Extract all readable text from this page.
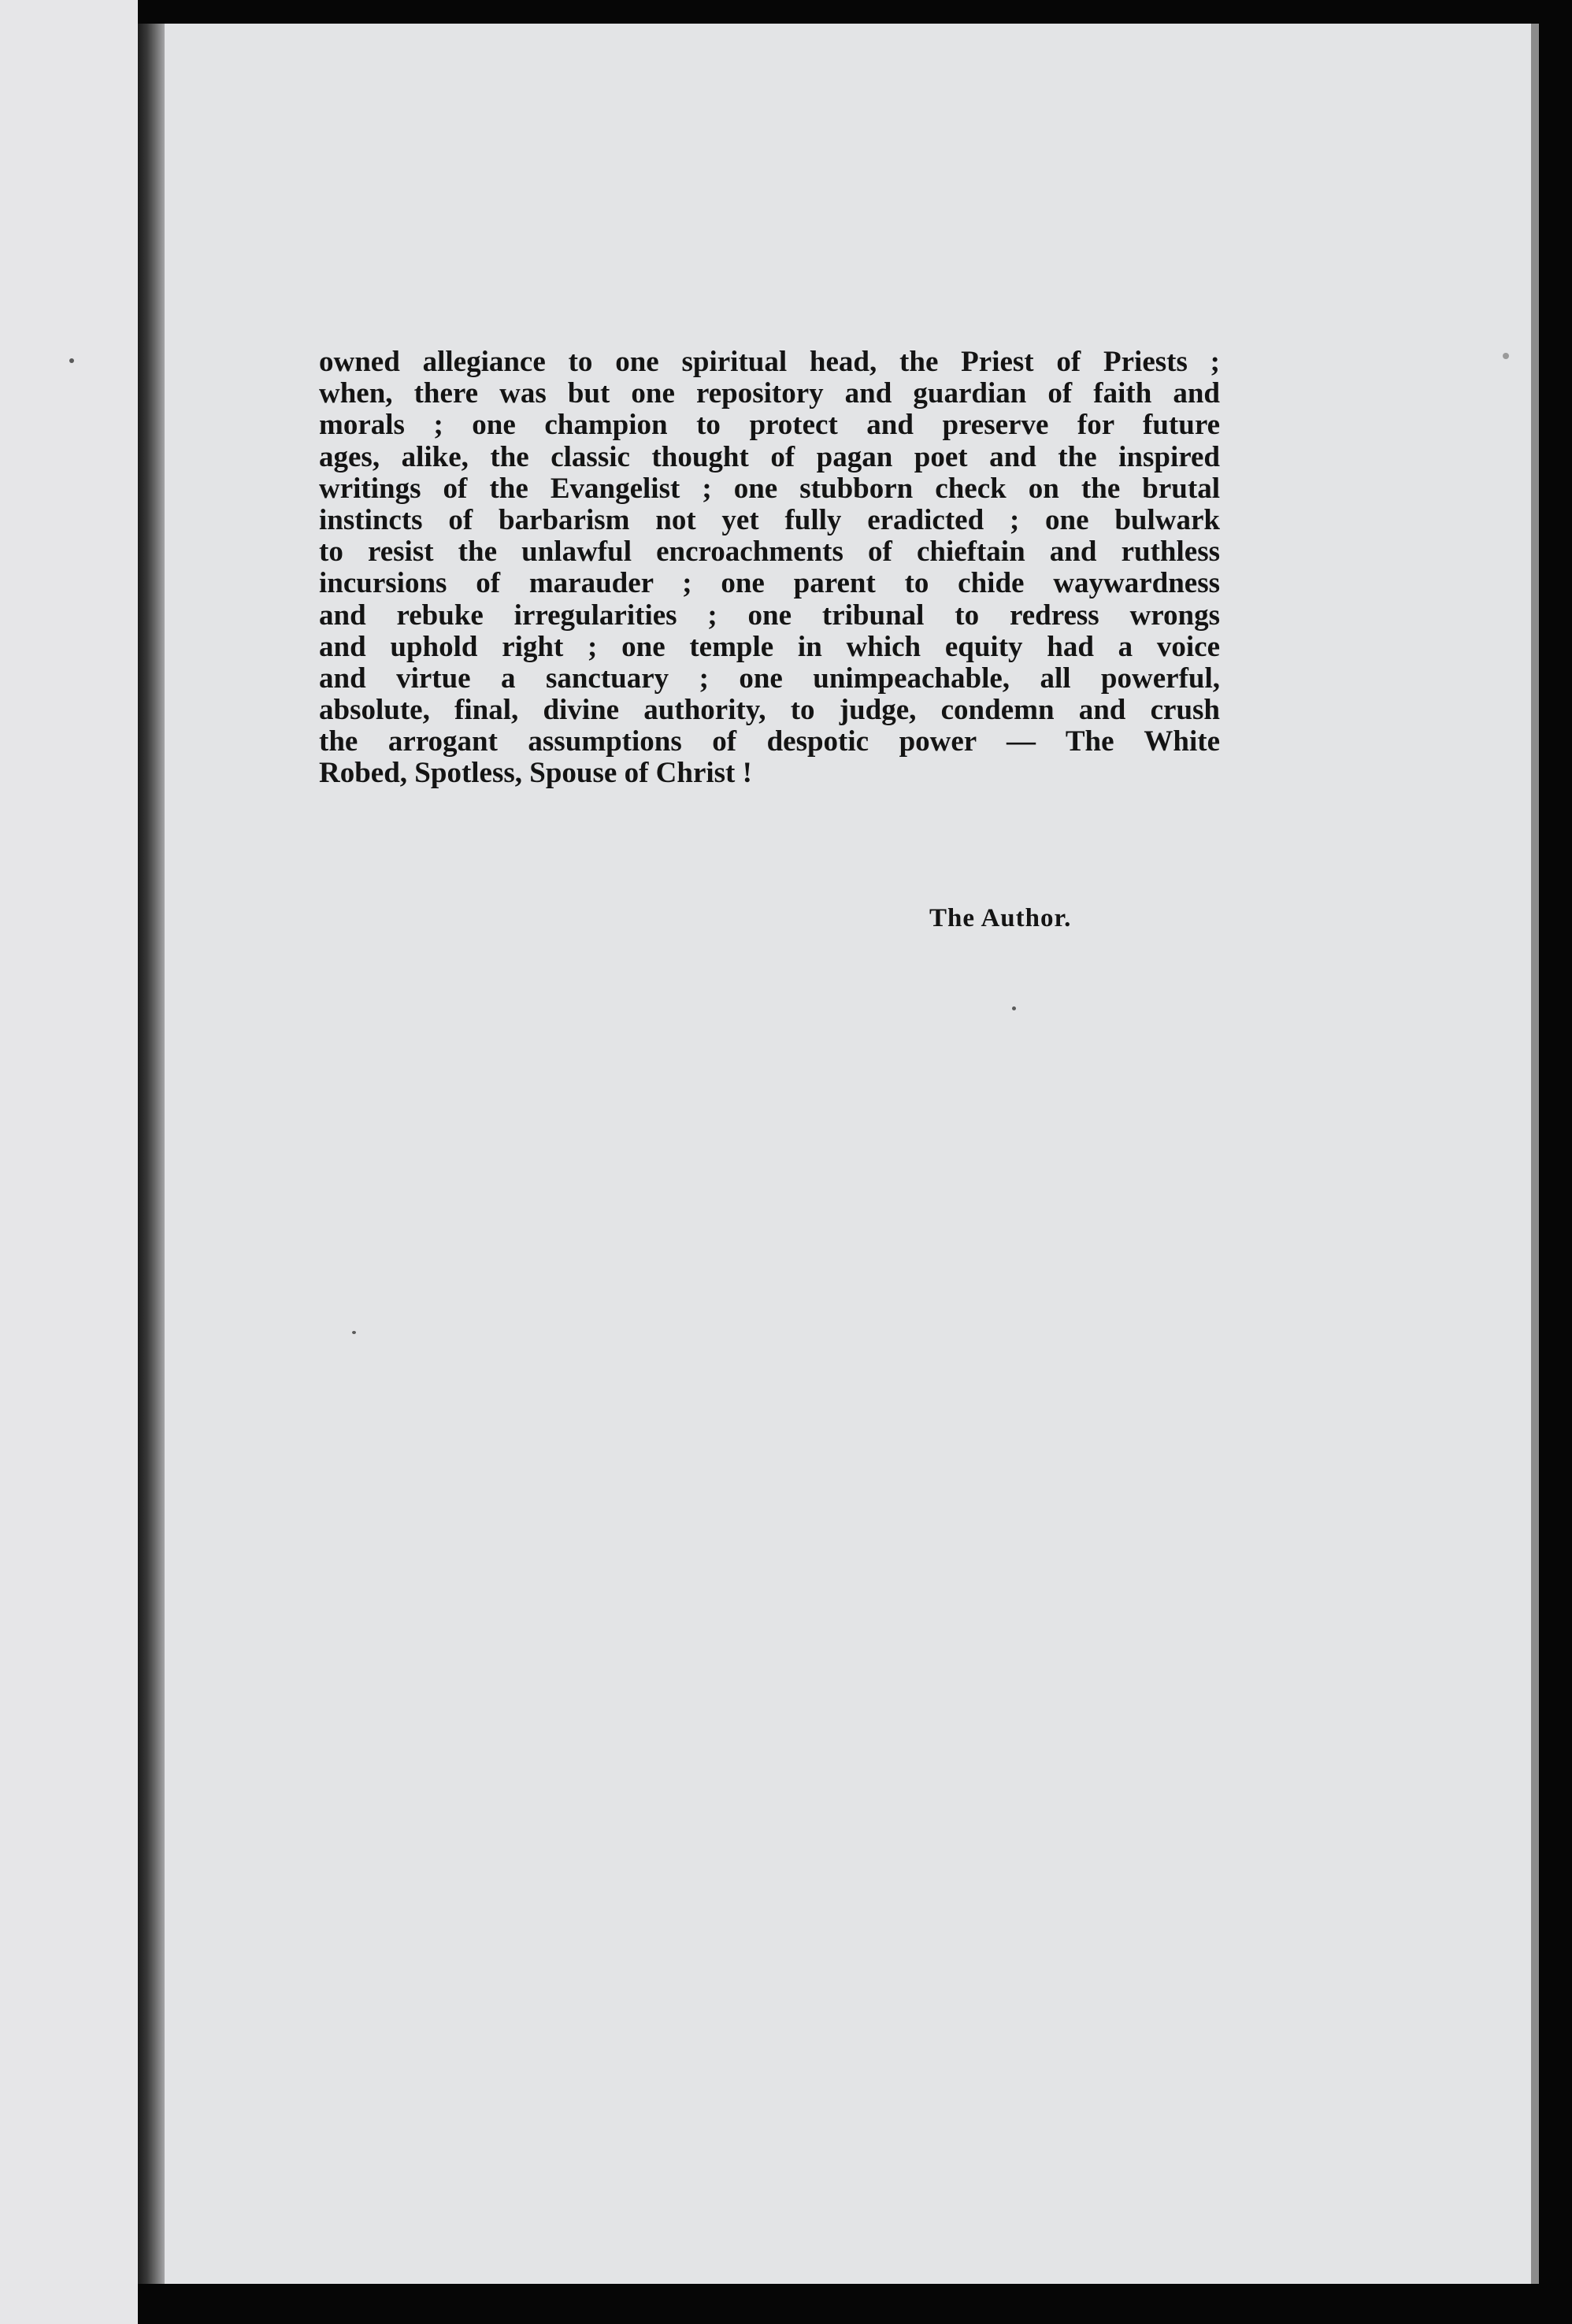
owned allegiance to one spiritual head, the Priest of Priests ;
when, there was but one repository and guardian of faith and
morals ; one champion to protect and preserve for future
ages, alike, the classic thought of pagan poet and the inspired
writings of the Evangelist ; one stubborn check on the brutal
instincts of barbarism not yet fully eradicted ; one bulwark
to resist the unlawful encroachments of chieftain and ruthless
incursions of marauder ; one parent to chide waywardness
and rebuke irregularities ; one tribunal to redress wrongs
and uphold right ; one temple in which equity had a voice
and virtue a sanctuary ; one unimpeachable, all powerful,
absolute, final, divine authority, to judge, condemn and crush
the arrogant assumptions of despotic power — The White
Robed, Spotless, Spouse of Christ !
The Author.
